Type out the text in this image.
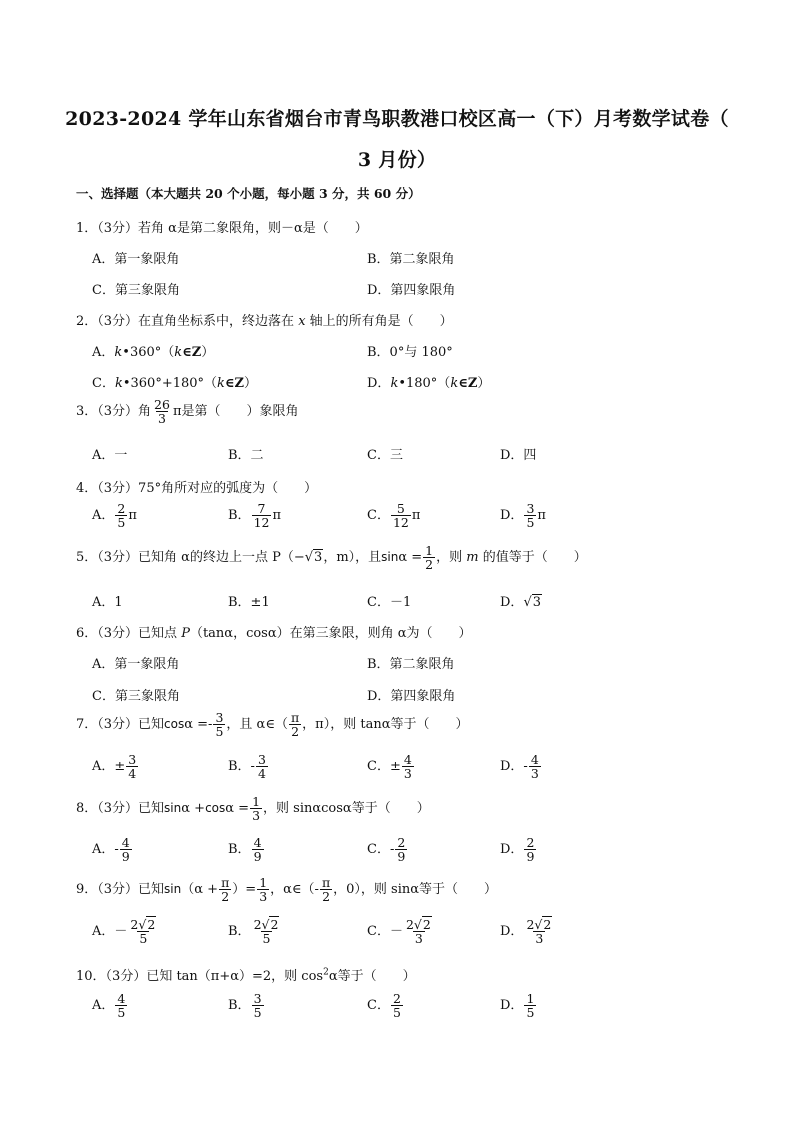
2023-2024 学年山东省烟台市青鸟职教港口校区高一（下）月考数学试卷（
3 月份）
一、选择题（本大题共 20 个小题，每小题 3 分，共 60 分）
1．（3分）若角 α是第二象限角，则－α是（　　）
A．第一象限角	B．第二象限角
C．第三象限角	D．第四象限角
2．（3分）在直角坐标系中，终边落在 x 轴上的所有角是（　　）
A．k•360°（k∈Z）	B．0°与 180°
C．k•360°+180°（k∈Z）	D．k•180°（k∈Z）
3．（3分）角 $\frac{26}{3}$ π是第（　　）象限角
A．一	B．二	C．三	D．四
4．（3分）75°角所对应的弧度为（　　）
A． $\frac{2}{5}$ π	B． $\frac{7}{12}$ π	C． $\frac{5}{12}$ π	D． $\frac{3}{5}$ π
5．（3分）已知角 α的终边上一点 P（−√3，m），且$\sin\alpha = \frac{1}{2}$ ，则 m 的值等于（　　）
A．1	B．±1	C．－1	D．√3
6．（3分）已知点 P（tanα，cosα）在第三象限，则角 α为（　　）
A．第一象限角	B．第二象限角
C．第三象限角	D．第四象限角
7．（3分）已知$\cos\alpha =- \frac{3}{5}$ ，且 α∈（ $\frac{\pi}{2}$ ，π），则 tanα等于（　　）
A．± $\frac{3}{4}$	B．- $\frac{3}{4}$	C．± $\frac{4}{3}$	D．- $\frac{4}{3}$
8．（3分）已知$\sin\alpha +\cos\alpha = \frac{1}{3}$ ，则 sinαcosα等于（　　）
A．- $\frac{4}{9}$	B． $\frac{4}{9}$	C．- $\frac{2}{9}$	D． $\frac{2}{9}$
9．（3分）已知$\sin(\alpha + \frac{\pi}{2}$ ）= $\frac{1}{3}$ ，α∈（- $\frac{\pi}{2}$ ，0），则 sinα等于（　　）
A．－ $\frac{2√2}{5}$	B． $\frac{2√2}{5}$	C．－ $\frac{2√2}{3}$	D． $\frac{2√2}{3}$
10．（3分）已知 tan（π+α）=2，则 $\cos^2\alpha$等于（　　）
A． $\frac{4}{5}$	B． $\frac{3}{5}$	C． $\frac{2}{5}$	D． $\frac{1}{5}$
